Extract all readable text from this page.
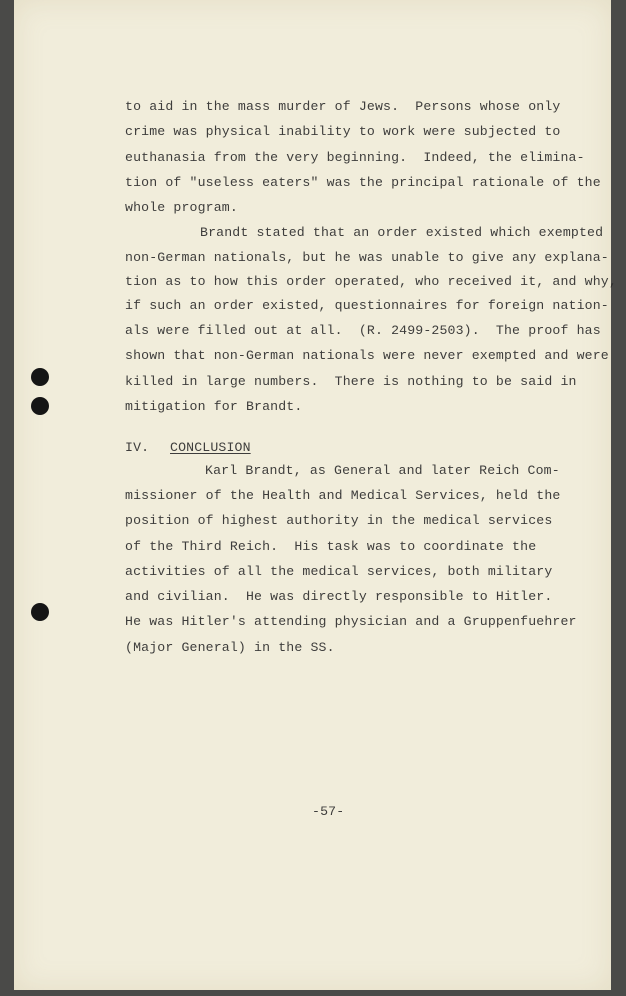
to aid in the mass murder of Jews.  Persons whose only
crime was physical inability to work were subjected to
euthanasia from the very beginning.  Indeed, the elimina-
tion of "useless eaters" was the principal rationale of the
whole program.
Brandt stated that an order existed which exempted
non-German nationals, but he was unable to give any explana-
tion as to how this order operated, who received it, and why,
if such an order existed, questionnaires for foreign nation-
als were filled out at all.  (R. 2499-2503).  The proof has
shown that non-German nationals were never exempted and were
killed in large numbers.  There is nothing to be said in
mitigation for Brandt.
IV. CONCLUSION
Karl Brandt, as General and later Reich Com-
missioner of the Health and Medical Services, held the
position of highest authority in the medical services
of the Third Reich.  His task was to coordinate the
activities of all the medical services, both military
and civilian.  He was directly responsible to Hitler.
He was Hitler's attending physician and a Gruppenfuehrer
(Major General) in the SS.
-57-
